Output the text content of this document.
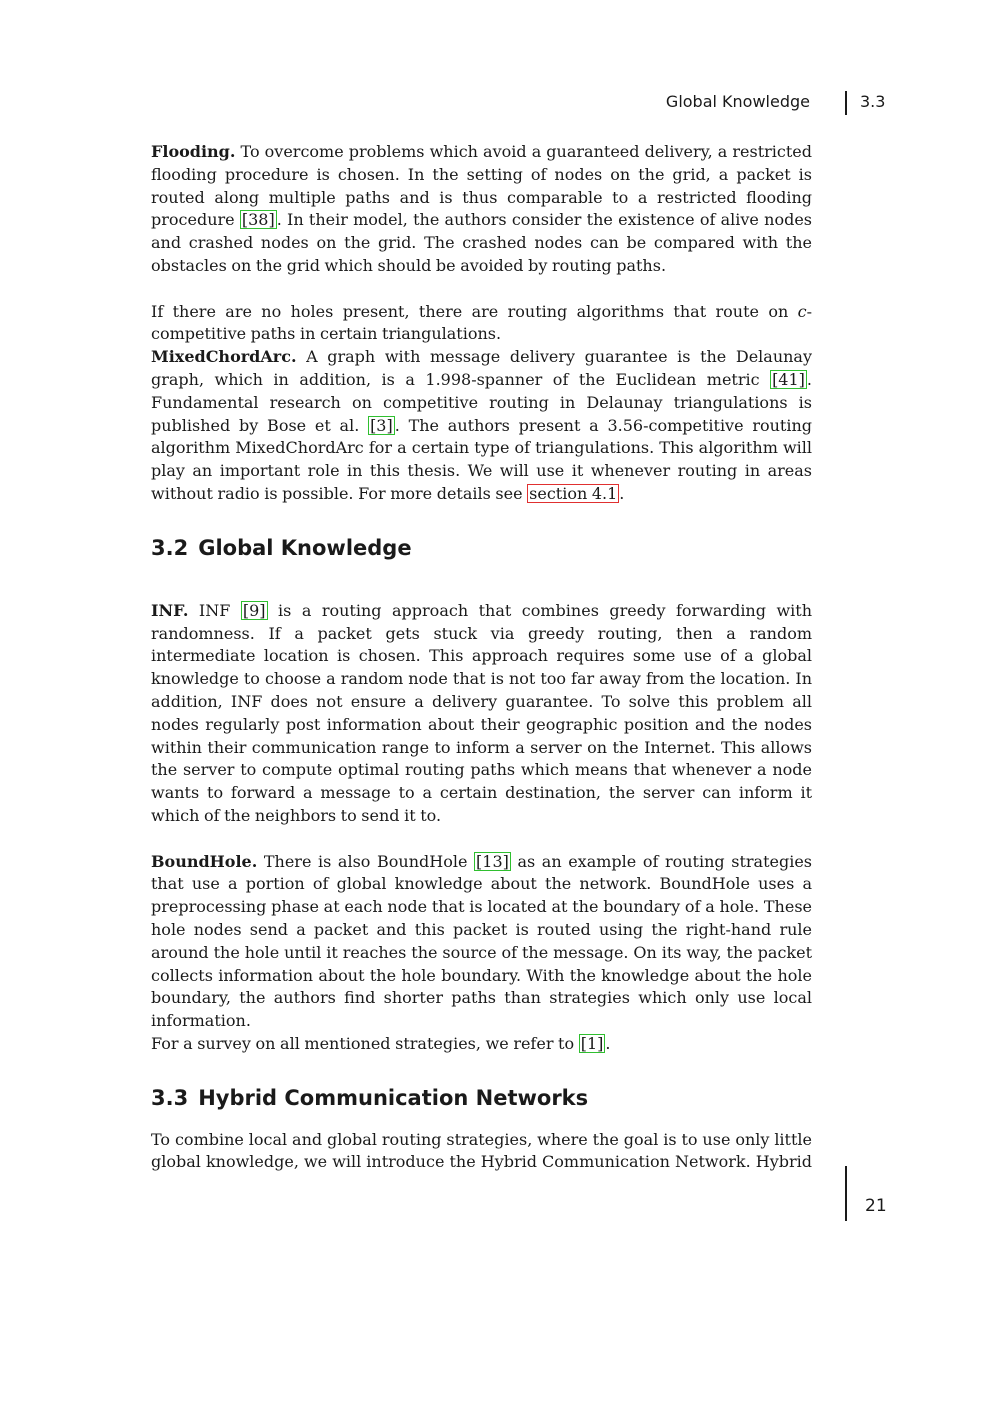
Global Knowledge	3.3

Flooding. To overcome problems which avoid a guaranteed delivery, a restricted flooding procedure is chosen. In the setting of nodes on the grid, a packet is routed along multiple paths and is thus comparable to a restricted flooding procedure [38] . In their model, the authors consider the existence of alive nodes and crashed nodes on the grid. The crashed nodes can be compared with the obstacles on the grid which should be avoided by routing paths.

If there are no holes present, there are routing algorithms that route on c-competitive paths in certain triangulations.

MixedChordArc. A graph with message delivery guarantee is the Delaunay graph, which in addition, is a 1.998-spanner of the Euclidean metric [41] . Fundamental research on competitive routing in Delaunay triangulations is published by Bose et al. [3] . The authors present a 3.56-competitive routing algorithm MixedChordArc for a certain type of triangulations. This algorithm will play an important role in this thesis. We will use it whenever routing in areas without radio is possible. For more details see section 4.1 .

3.2 Global Knowledge

INF. INF [9] is a routing approach that combines greedy forwarding with randomness. If a packet gets stuck via greedy routing, then a random intermediate location is chosen. This approach requires some use of a global knowledge to choose a random node that is not too far away from the location. In addition, INF does not ensure a delivery guarantee. To solve this problem all nodes regularly post information about their geographic position and the nodes within their communication range to inform a server on the Internet. This allows the server to compute optimal routing paths which means that whenever a node wants to forward a message to a certain destination, the server can inform it which of the neighbors to send it to.

BoundHole. There is also BoundHole [13] as an example of routing strategies that use a portion of global knowledge about the network. BoundHole uses a preprocessing phase at each node that is located at the boundary of a hole. These hole nodes send a packet and this packet is routed using the right-hand rule around the hole until it reaches the source of the message. On its way, the packet collects information about the hole boundary. With the knowledge about the hole boundary, the authors find shorter paths than strategies which only use local information.

For a survey on all mentioned strategies, we refer to [1] .

3.3 Hybrid Communication Networks

To combine local and global routing strategies, where the goal is to use only little global knowledge, we will introduce the Hybrid Communication Network. Hybrid

21
